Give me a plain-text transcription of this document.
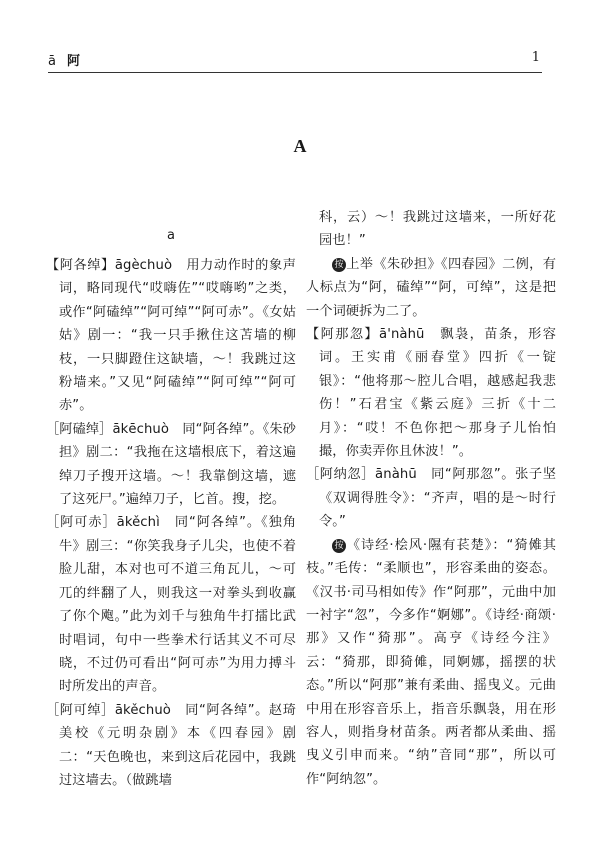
ā 阿	1
A
a

【阿各绰】āgèchuò　用力动作时的象声词，略同现代“哎嗨佐”“哎嗨哟”之类，或作“阿磕绰”“阿可绰”“阿可赤”。《女姑姑》剧一：“我一只手揪住这苫墙的柳枝，一只脚蹬住这缺墙，～！我跳过这粉墙来。”又见“阿磕绰”“阿可绰”“阿可赤”。

［阿磕绰］ākēchuò　同“阿各绰”。《朱砂担》剧二：“我拖在这墙根底下，着这遍绰刀子搜开这墙。～！我靠倒这墙，遮了这死尸。”遍绰刀子，匕首。搜，挖。

［阿可赤］ākěchì　同“阿各绰”。《独角牛》剧三：“你笑我身子儿尖，也使不着脸儿甜，本对也可不道三角瓦儿，～可兀的绊翻了人，则我这一对拳头到收赢了你个飑。”此为刘千与独角牛打擂比武时唱词，句中一些拳术行话其义不可尽晓，不过仍可看出“阿可赤”为用力搏斗时所发出的声音。

［阿可绰］ākěchuò　同“阿各绰”。赵琦美校《元明杂剧》本《四春园》剧二：“天色晚也，来到这后花园中，我跳过这墙去。（做跳墙

科，云）～！我跳过这墙来，一所好花园也！”

按 上举《朱砂担》《四春园》二例，有人标点为“阿，磕绰”“阿，可绰”，这是把一个词硬拆为二了。

【阿那忽】ā'nàhū　飘袅，苗条，形容词。王实甫《丽春堂》四折《一锭银》：“他将那～腔儿合唱，越感起我悲伤！”石君宝《紫云庭》三折《十二月》：“哎！不色你把～那身子儿怡怕撮，你卖弄你且休波！”。

［阿纳忽］ānàhū　同“阿那忽”。张子坚《双调得胜令》：“齐声，唱的是～时行令。”

按 《诗经·桧风·隰有苌楚》：“猗傩其枝。”毛传：“柔顺也”，形容柔曲的姿态。《汉书·司马相如传》作“阿那”，元曲中加一衬字“忽”，今多作“婀娜”。《诗经·商颂·那》又作“猗那”。高亨《诗经今注》云：“猗那，即猗傩，同婀娜，摇摆的状态。”所以“阿那”兼有柔曲、摇曳义。元曲中用在形容音乐上，指音乐飘袅，用在形容人，则指身材苗条。两者都从柔曲、摇曳义引申而来。“纳”音同“那”，所以可作“阿纳忽”。
